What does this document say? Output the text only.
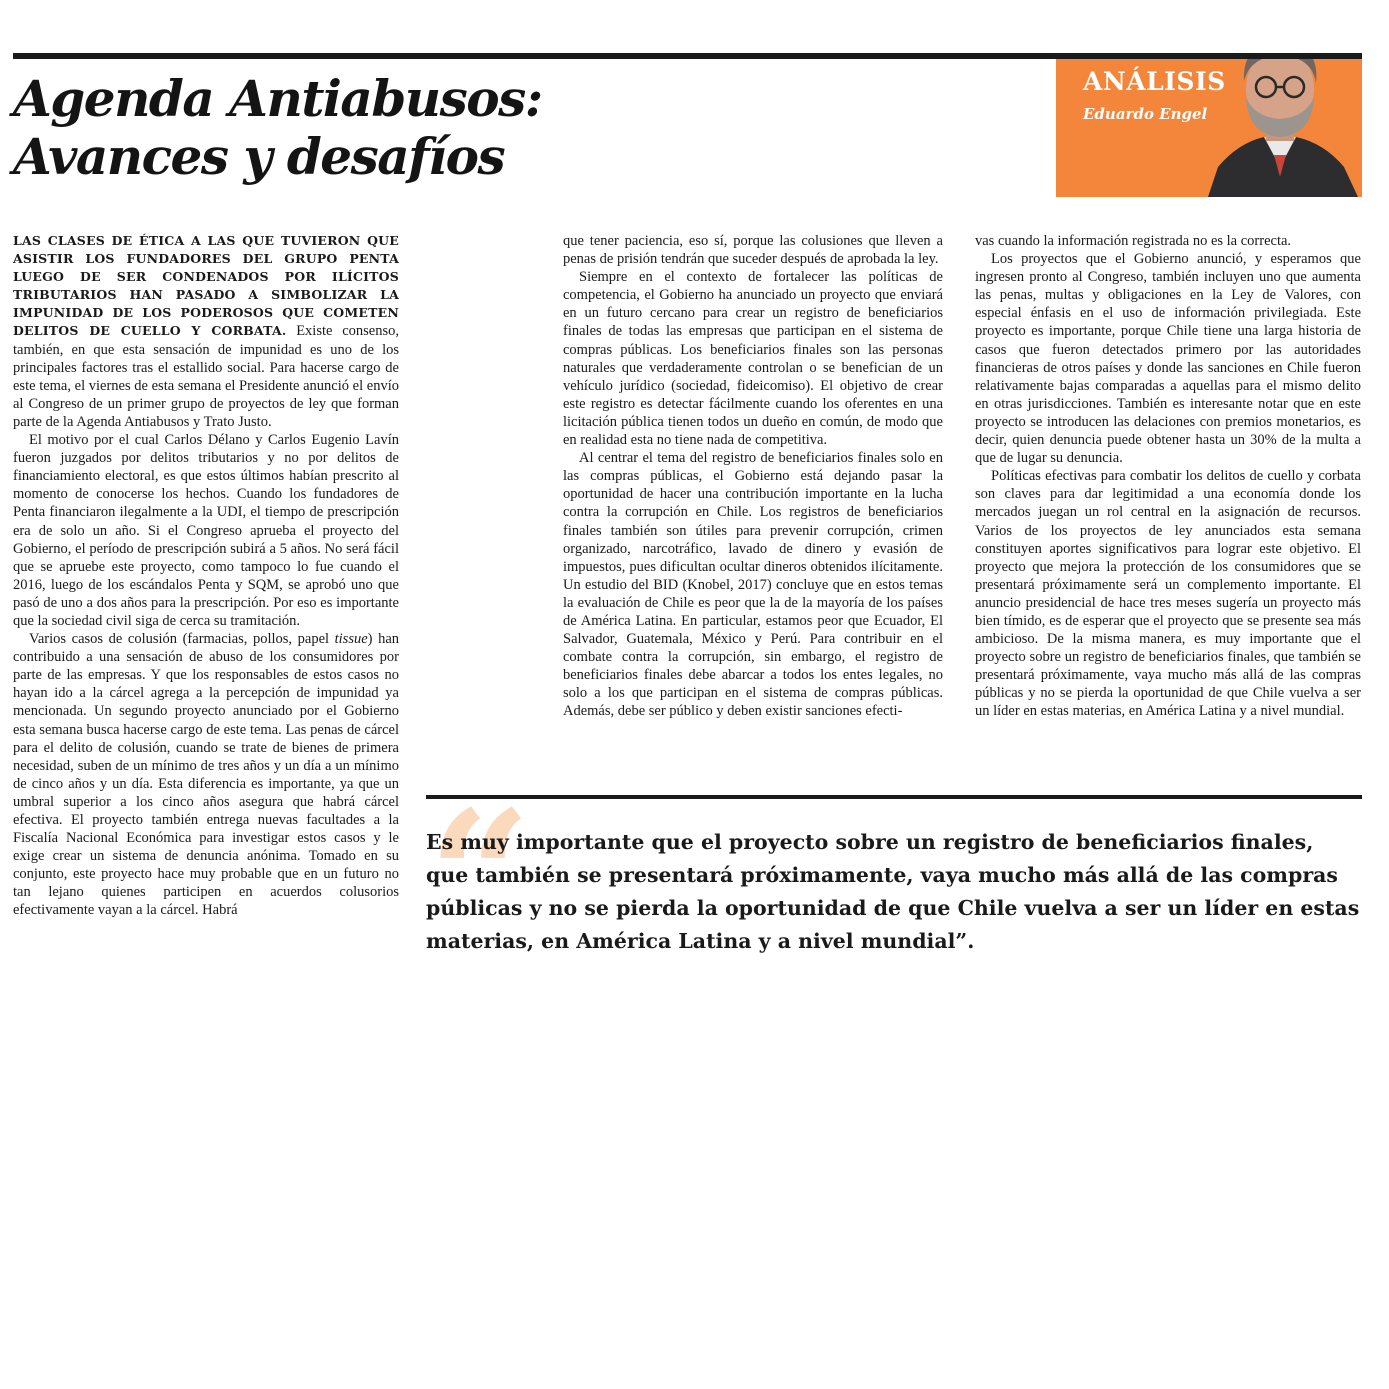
Agenda Antiabusos:
Avances y desafíos
ANÁLISIS
Eduardo Engel

LAS CLASES DE ÉTICA A LAS QUE TUVIERON QUE ASISTIR LOS FUNDADORES DEL GRUPO PENTA LUEGO DE SER CONDENADOS POR ILÍCITOS TRIBUTARIOS HAN PASADO A SIMBOLIZAR LA IMPUNIDAD DE LOS PODEROSOS QUE COMETEN DELITOS DE CUELLO Y CORBATA. Existe consenso, también, en que esta sensación de impunidad es uno de los principales factores tras el estallido social. Para hacerse cargo de este tema, el viernes de esta semana el Presidente anunció el envío al Congreso de un primer grupo de proyectos de ley que forman parte de la Agenda Antiabusos y Trato Justo.

El motivo por el cual Carlos Délano y Carlos Eugenio Lavín fueron juzgados por delitos tributarios y no por delitos de financiamiento electoral, es que estos últimos habían prescrito al momento de conocerse los hechos. Cuando los fundadores de Penta financiaron ilegalmente a la UDI, el tiempo de prescripción era de solo un año. Si el Congreso aprueba el proyecto del Gobierno, el período de prescripción subirá a 5 años. No será fácil que se apruebe este proyecto, como tampoco lo fue cuando el 2016, luego de los escándalos Penta y SQM, se aprobó uno que pasó de uno a dos años para la prescripción. Por eso es importante que la sociedad civil siga de cerca su tramitación.

Varios casos de colusión (farmacias, pollos, papel tissue) han contribuido a una sensación de abuso de los consumidores por parte de las empresas. Y que los responsables de estos casos no hayan ido a la cárcel agrega a la percepción de impunidad ya mencionada. Un segundo proyecto anunciado por el Gobierno esta semana busca hacerse cargo de este tema. Las penas de cárcel para el delito de colusión, cuando se trate de bienes de primera necesidad, suben de un mínimo de tres años y un día a un mínimo de cinco años y un día. Esta diferencia es importante, ya que un umbral superior a los cinco años asegura que habrá cárcel efectiva. El proyecto también entrega nuevas facultades a la Fiscalía Nacional Económica para investigar estos casos y le exige crear un sistema de denuncia anónima. Tomado en su conjunto, este proyecto hace muy probable que en un futuro no tan lejano quienes participen en acuerdos colusorios efectivamente vayan a la cárcel. Habrá

que tener paciencia, eso sí, porque las colusiones que lleven a penas de prisión tendrán que suceder después de aprobada la ley.

Siempre en el contexto de fortalecer las políticas de competencia, el Gobierno ha anunciado un proyecto que enviará en un futuro cercano para crear un registro de beneficiarios finales de todas las empresas que participan en el sistema de compras públicas. Los beneficiarios finales son las personas naturales que verdaderamente controlan o se benefician de un vehículo jurídico (sociedad, fideicomiso). El objetivo de crear este registro es detectar fácilmente cuando los oferentes en una licitación pública tienen todos un dueño en común, de modo que en realidad esta no tiene nada de competitiva.

Al centrar el tema del registro de beneficiarios finales solo en las compras públicas, el Gobierno está dejando pasar la oportunidad de hacer una contribución importante en la lucha contra la corrupción en Chile. Los registros de beneficiarios finales también son útiles para prevenir corrupción, crimen organizado, narcotráfico, lavado de dinero y evasión de impuestos, pues dificultan ocultar dineros obtenidos ilícitamente. Un estudio del BID (Knobel, 2017) concluye que en estos temas la evaluación de Chile es peor que la de la mayoría de los países de América Latina. En particular, estamos peor que Ecuador, El Salvador, Guatemala, México y Perú. Para contribuir en el combate contra la corrupción, sin embargo, el registro de beneficiarios finales debe abarcar a todos los entes legales, no solo a los que participan en el sistema de compras públicas. Además, debe ser público y deben existir sanciones efecti-

vas cuando la información registrada no es la correcta.

Los proyectos que el Gobierno anunció, y esperamos que ingresen pronto al Congreso, también incluyen uno que aumenta las penas, multas y obligaciones en la Ley de Valores, con especial énfasis en el uso de información privilegiada. Este proyecto es importante, porque Chile tiene una larga historia de casos que fueron detectados primero por las autoridades financieras de otros países y donde las sanciones en Chile fueron relativamente bajas comparadas a aquellas para el mismo delito en otras jurisdicciones. También es interesante notar que en este proyecto se introducen las delaciones con premios monetarios, es decir, quien denuncia puede obtener hasta un 30% de la multa a que de lugar su denuncia.

Políticas efectivas para combatir los delitos de cuello y corbata son claves para dar legitimidad a una economía donde los mercados juegan un rol central en la asignación de recursos. Varios de los proyectos de ley anunciados esta semana constituyen aportes significativos para lograr este objetivo. El proyecto que mejora la protección de los consumidores que se presentará próximamente será un complemento importante. El anuncio presidencial de hace tres meses sugería un proyecto más bien tímido, es de esperar que el proyecto que se presente sea más ambicioso. De la misma manera, es muy importante que el proyecto sobre un registro de beneficiarios finales, que también se presentará próximamente, vaya mucho más allá de las compras públicas y no se pierda la oportunidad de que Chile vuelva a ser un líder en estas materias, en América Latina y a nivel mundial.

“

Es muy importante que el proyecto sobre un registro de beneficiarios finales, que también se presentará próximamente, vaya mucho más allá de las compras públicas y no se pierda la oportunidad de que Chile vuelva a ser un líder en estas materias, en América Latina y a nivel mundial”.
